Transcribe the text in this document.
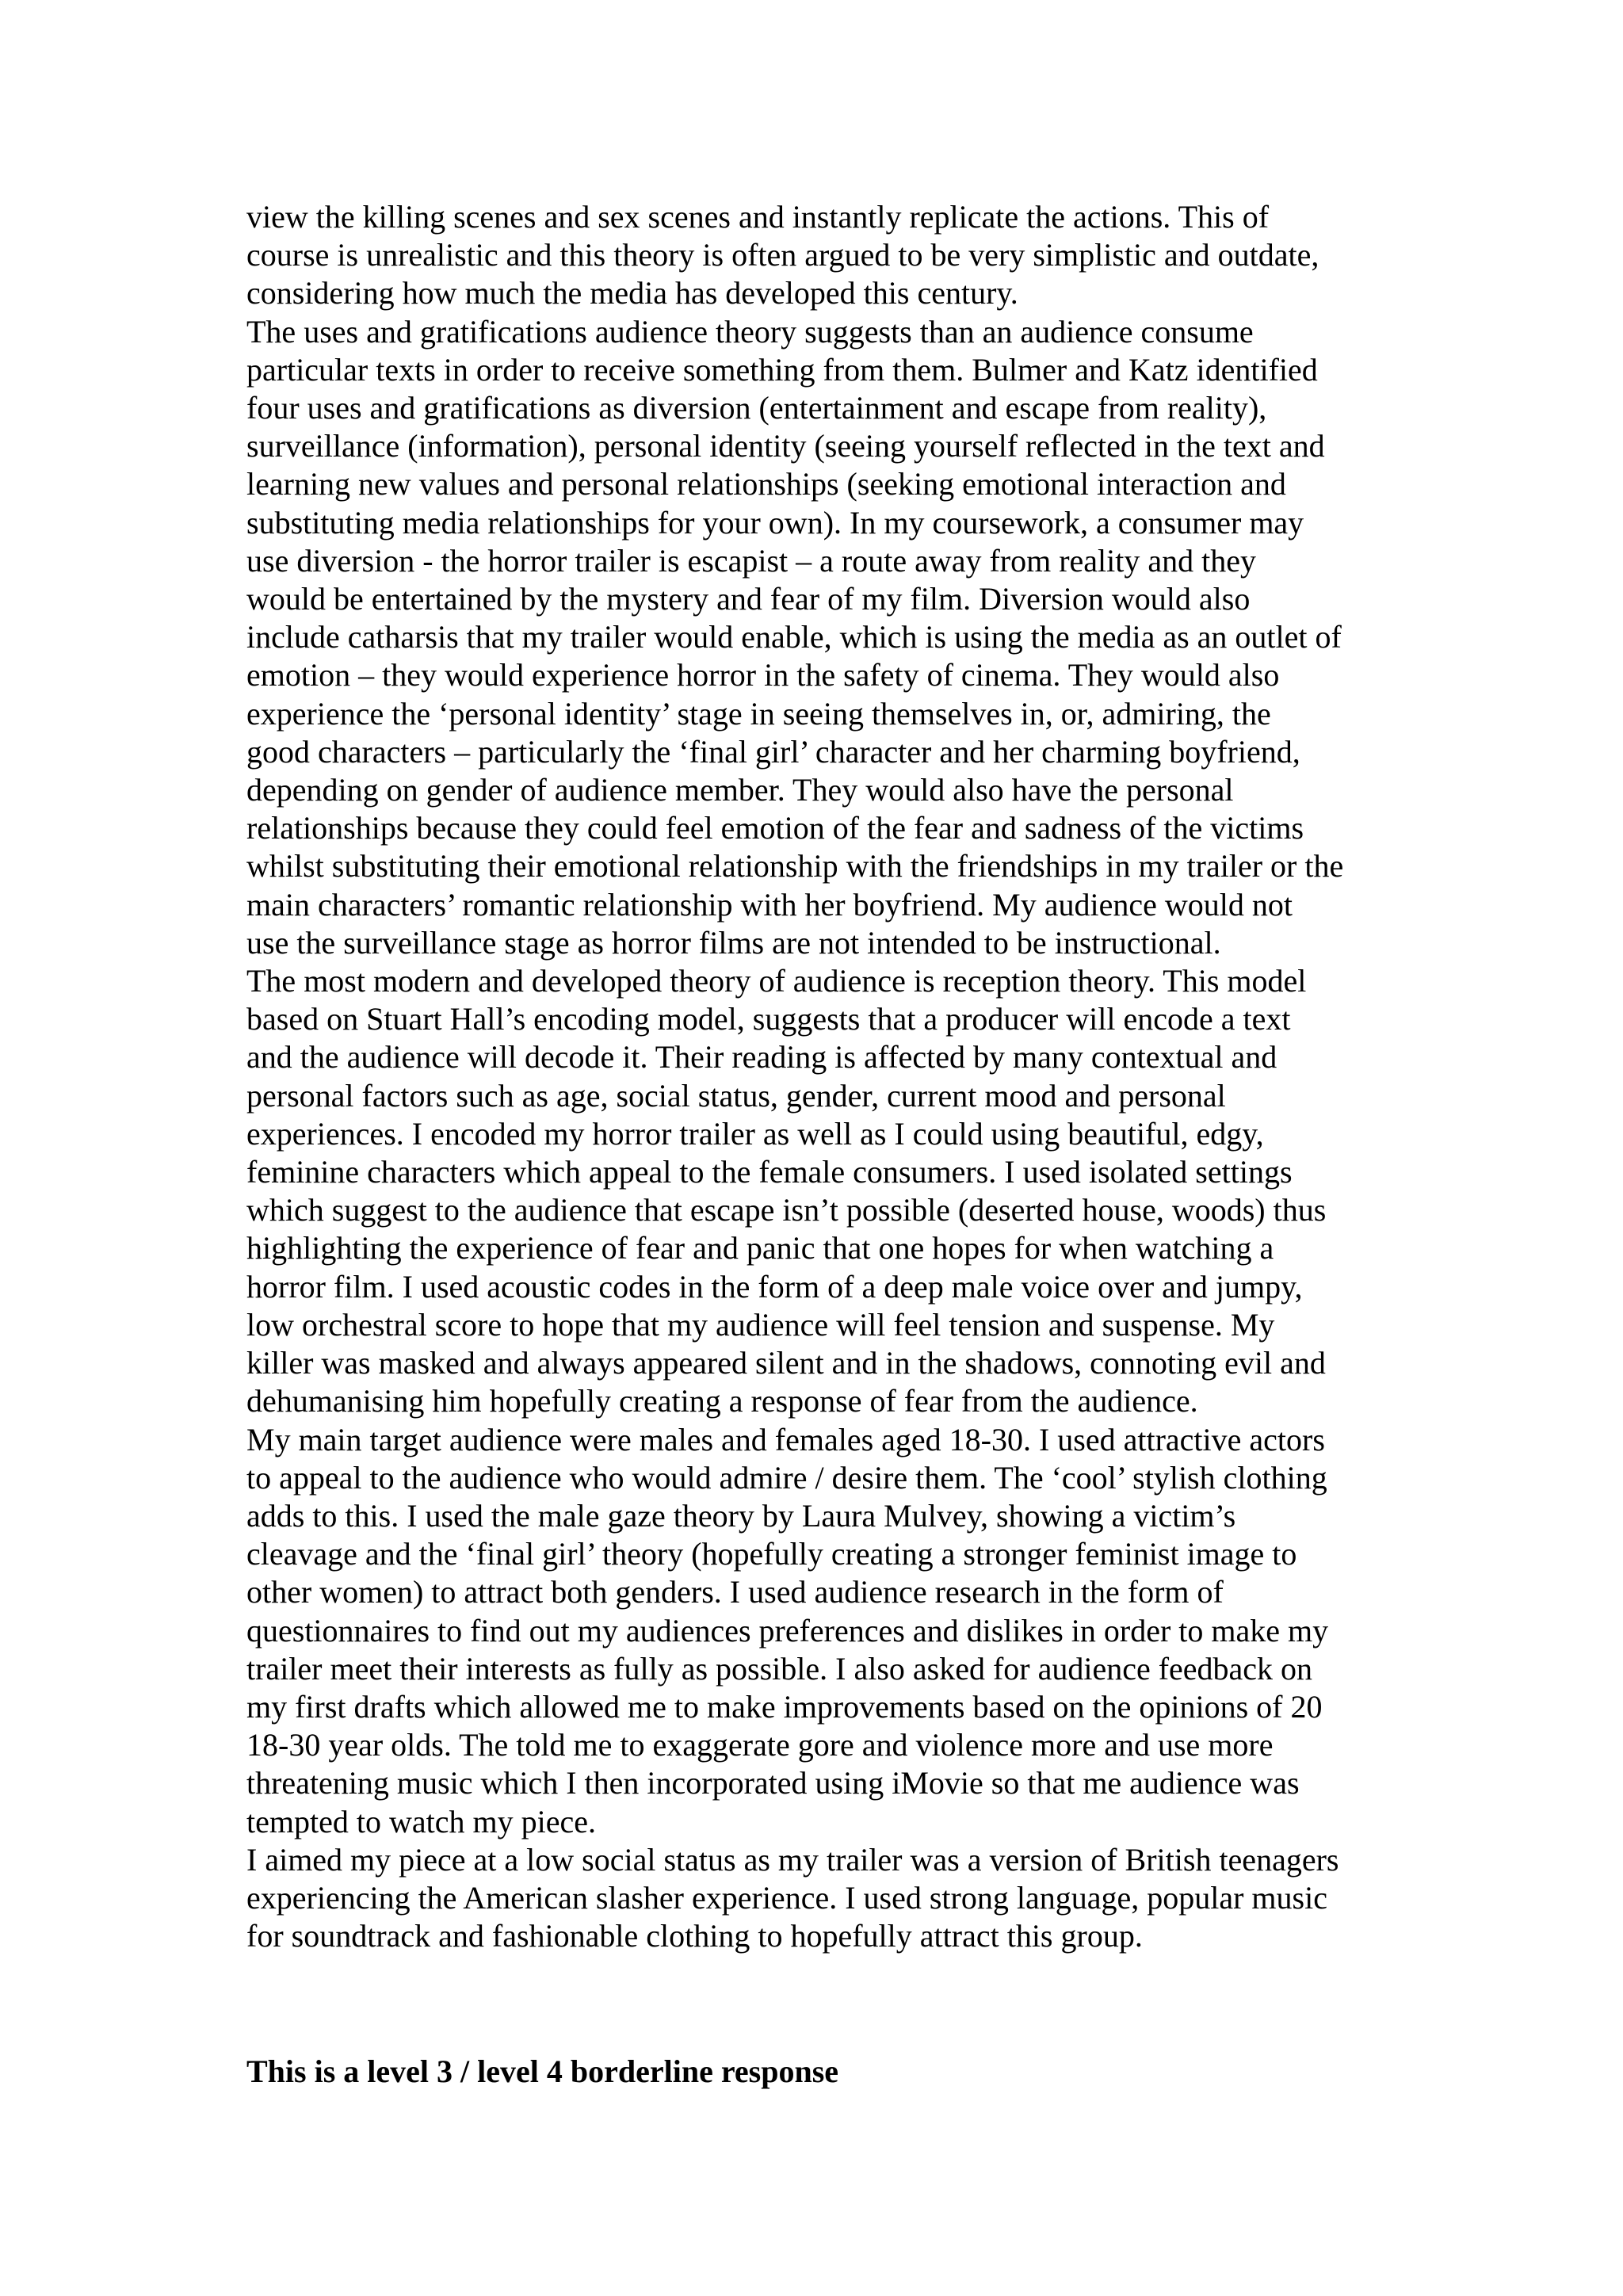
view the killing scenes and sex scenes and instantly replicate the actions. This of
course is unrealistic and this theory is often argued to be very simplistic and outdate,
considering how much the media has developed this century.
The uses and gratifications audience theory suggests than an audience consume
particular texts in order to receive something from them. Bulmer and Katz identified
four uses and gratifications as diversion (entertainment and escape from reality),
surveillance (information), personal identity (seeing yourself reflected in the text and
learning new values and personal relationships (seeking emotional interaction and
substituting media relationships for your own). In my coursework, a consumer may
use diversion - the horror trailer is escapist – a route away from reality and they
would be entertained by the mystery and fear of my film. Diversion would also
include catharsis that my trailer would enable, which is using the media as an outlet of
emotion – they would experience horror in the safety of cinema. They would also
experience the ‘personal identity’ stage in seeing themselves in, or, admiring, the
good characters – particularly the ‘final girl’ character and her charming boyfriend,
depending on gender of audience member. They would also have the personal
relationships because they could feel emotion of the fear and sadness of the victims
whilst substituting their emotional relationship with the friendships in my trailer or the
main characters’ romantic relationship with her boyfriend. My audience would not
use the surveillance stage as horror films are not intended to be instructional.
The most modern and developed theory of audience is reception theory. This model
based on Stuart Hall’s encoding model, suggests that a producer will encode a text
and the audience will decode it. Their reading is affected by many contextual and
personal factors such as age, social status, gender, current mood and personal
experiences. I encoded my horror trailer as well as I could using beautiful, edgy,
feminine characters which appeal to the female consumers. I used isolated settings
which suggest to the audience that escape isn’t possible (deserted house, woods) thus
highlighting the experience of fear and panic that one hopes for when watching a
horror film. I used acoustic codes in the form of a deep male voice over and jumpy,
low orchestral score to hope that my audience will feel tension and suspense. My
killer was masked and always appeared silent and in the shadows, connoting evil and
dehumanising him hopefully creating a response of fear from the audience.
My main target audience were males and females aged 18-30. I used attractive actors
to appeal to the audience who would admire / desire them. The ‘cool’ stylish clothing
adds to this. I used the male gaze theory by Laura Mulvey, showing a victim’s
cleavage and the ‘final girl’ theory (hopefully creating a stronger feminist image to
other women) to attract both genders. I used audience research in the form of
questionnaires to find out my audiences preferences and dislikes in order to make my
trailer meet their interests as fully as possible. I also asked for audience feedback on
my first drafts which allowed me to make improvements based on the opinions of 20
18-30 year olds. The told me to exaggerate gore and violence more and use more
threatening music which I then incorporated using iMovie so that me audience was
tempted to watch my piece.
I aimed my piece at a low social status as my trailer was a version of British teenagers
experiencing the American slasher experience. I used strong language, popular music
for soundtrack and fashionable clothing to hopefully attract this group.
This is a level 3 / level 4 borderline response
